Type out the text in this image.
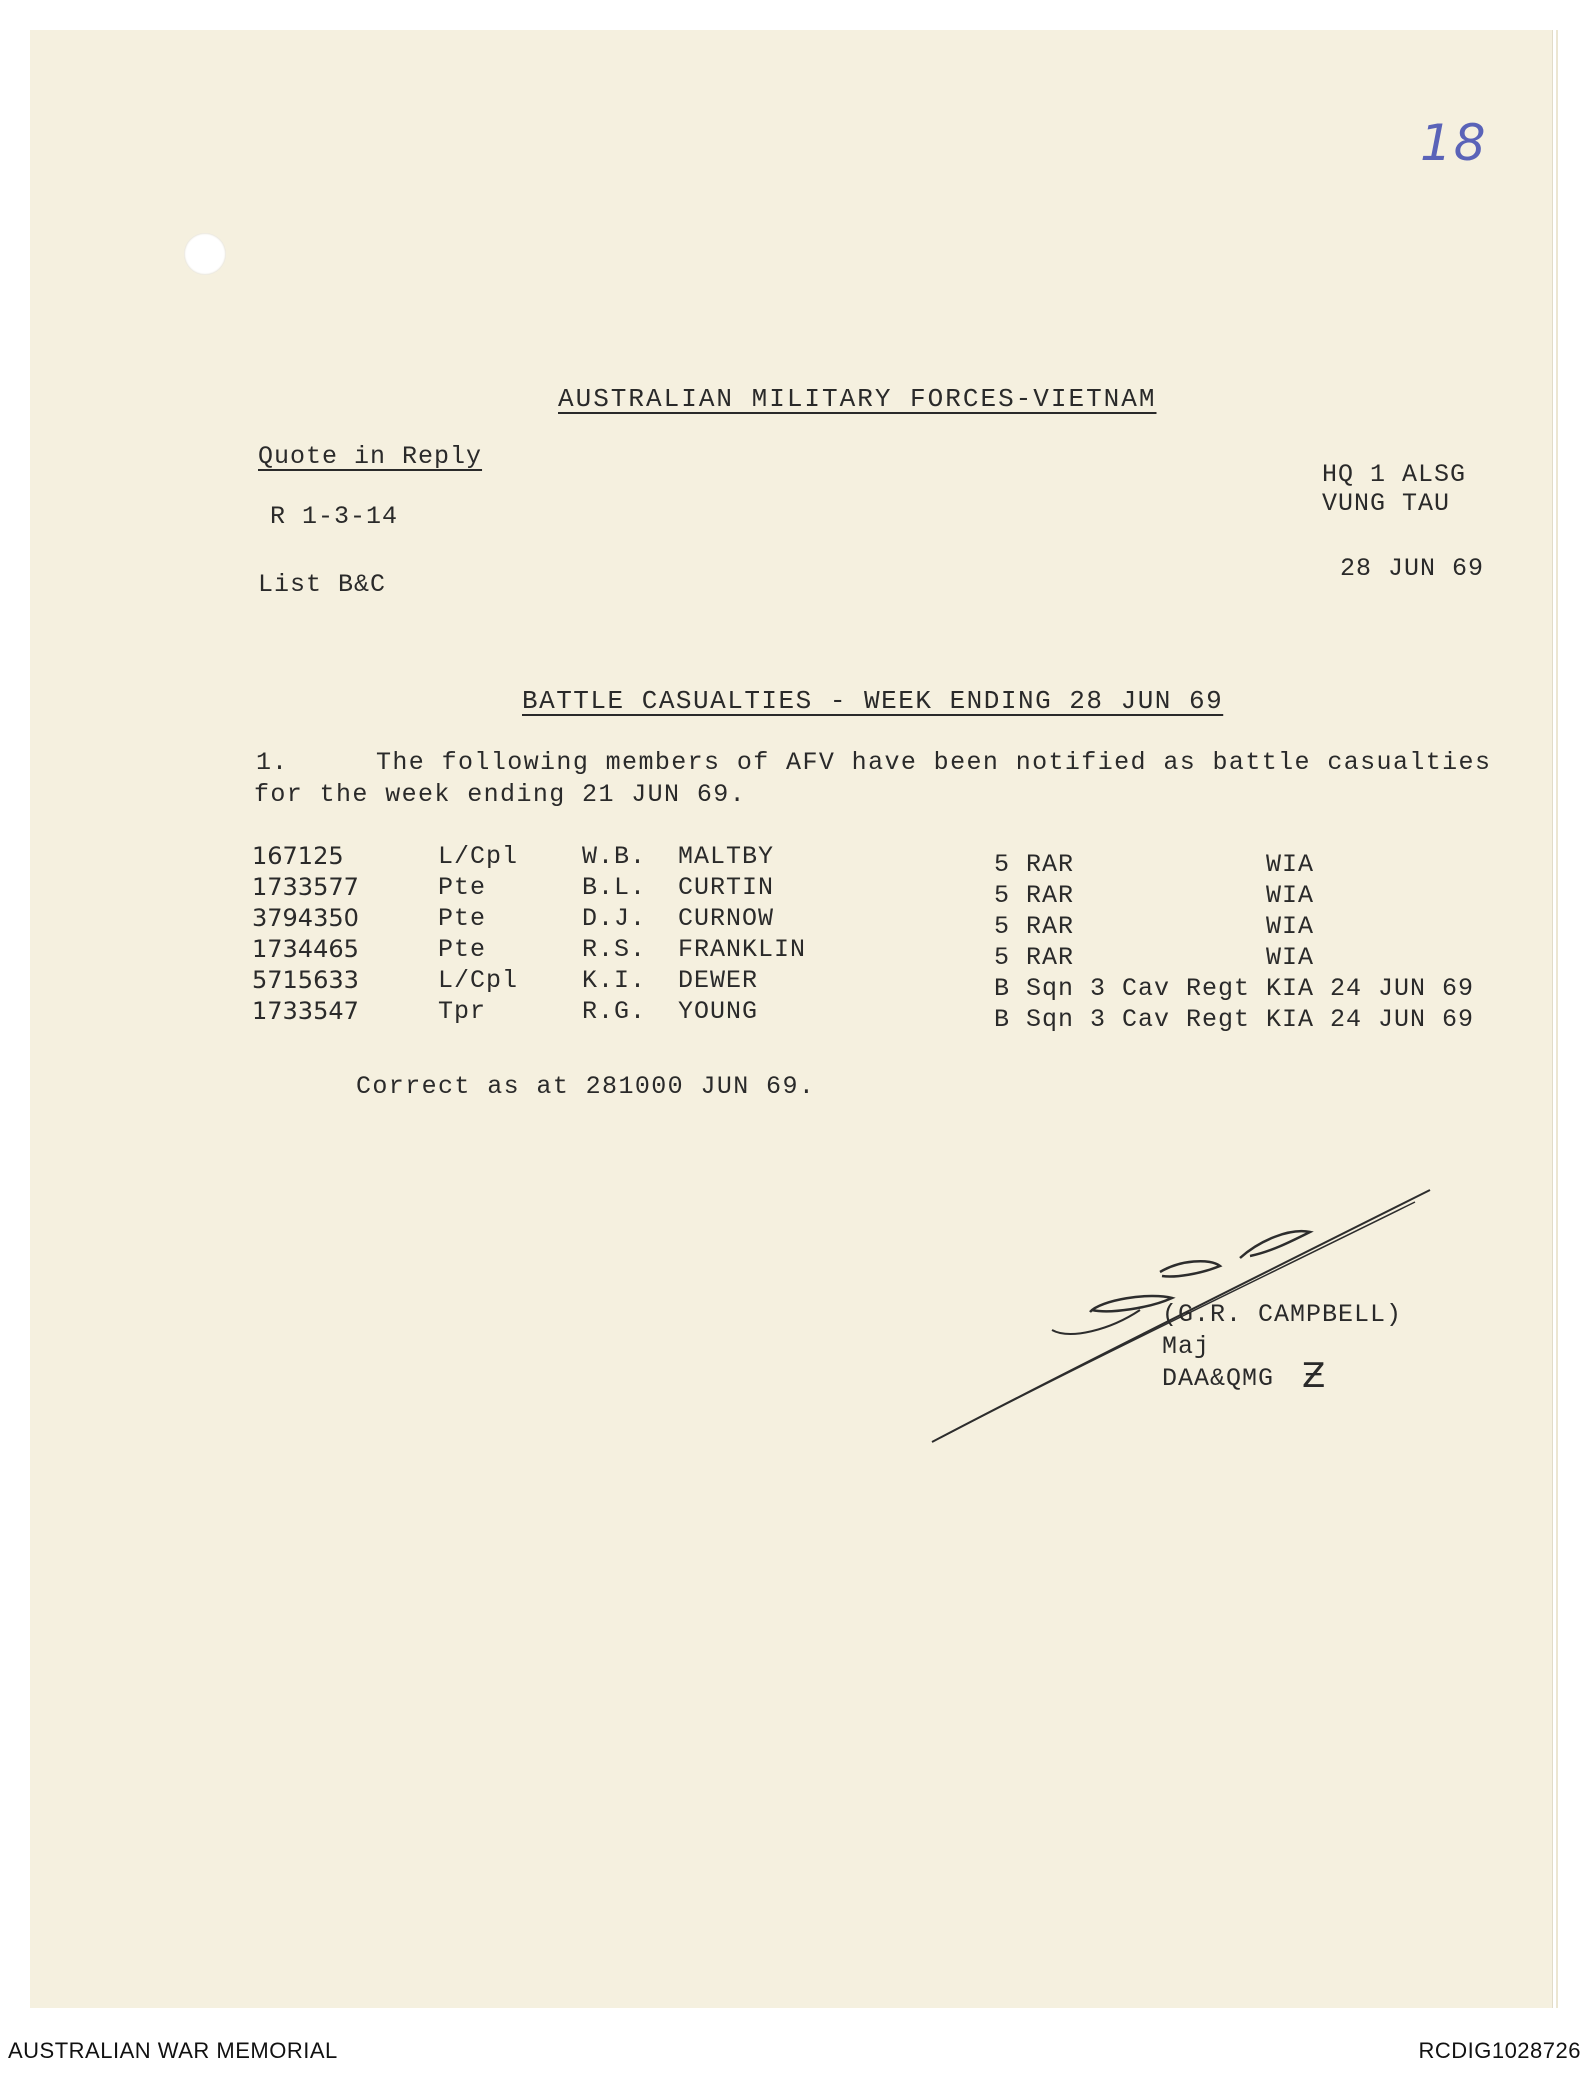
18
AUSTRALIAN MILITARY FORCES-VIETNAM
Quote in Reply
R 1-3-14
List B&C
HQ 1 ALSG
VUNG TAU
28 JUN 69
BATTLE CASUALTIES - WEEK ENDING 28 JUN 69
1.	The following members of AFV have been notified as battle casualties
for the week ending 21 JUN 69.
167125	L/Cpl	W.B. MALTBY	5 RAR	WIA
1733577	Pte	B.L. CURTIN	5 RAR	WIA
3794350	Pte	D.J. CURNOW	5 RAR	WIA
1734465	Pte	R.S. FRANKLIN	5 RAR	WIA
5715633	L/Cpl	K.I. DEWER	B Sqn 3 Cav Regt KIA 24 JUN 69
1733547	Tpr	R.G. YOUNG	B Sqn 3 Cav Regt KIA 24 JUN 69
Correct as at 281000 JUN 69.
(G.R. CAMPBELL)
Maj
DAA&QMG Ƶ
AUSTRALIAN WAR MEMORIAL	RCDIG1028726
